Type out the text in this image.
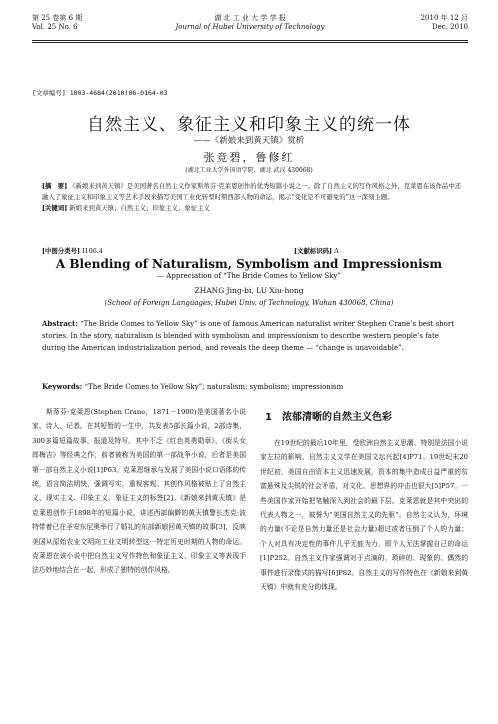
第 25 卷第 6 期
Vol. 25 No. 6
湖 北 工 业 大 学 学 报
Journal of Hubei University of Technology
2010 年 12 月
Dec. 2010
[文章编号] 1003-4684(2010)06-0164-03
自然主义、象征主义和印象主义的统一体
——《新娘来到黄天镇》赏析
张竞碧，鲁修红
(湖北工业大学外国语学院，湖北 武汉 430068)
[摘　要] 《新娘来到黄天镇》是美国著名自然主义作家斯蒂芬·克莱恩创作的优秀短篇小说之一。除了自然主义的写作风格之外，克莱恩在该作品中还融入了象征主义和印象主义等艺术手段来描写美国工业化转型时期西部人物的命运，揭示“变化是不可避免的”这一深刻主题。
[关键词] 新娘来到黄天镇；自然主义；印象主义；象征主义
[中图分类号] I106.4	[文献标识码] A
A Blending of Naturalism, Symbolism and Impressionism
— Appreciation of “The Bride Comes to Yellow Sky”
ZHANG Jing-bi, LU Xiu-hong
(School of Foreign Languages, Hubei Univ. of Technology, Wuhan 430068, China)
Abstract: “The Bride Comes to Yellow Sky” is one of famous American naturalist writer Stephen Crane’s best short stories. In the story, naturalism is blended with symbolism and impressionism to describe western people’s fate during the American industrialization period, and reveals the deep theme — “change is unavoidable”.
Keywords: “The Bride Comes to Yellow Sky”; naturalism; symbolism; impressionism
斯蒂芬·克莱恩(Stephen Crane，1871－1900)是美国著名小说家、诗人、记者。在其短暂的一生中，共发表5部长篇小说，2部诗集，300多篇短篇故事、报道及特写。其中不乏《红色英勇勋章》、《街头女郎梅吉》等经典之作，前者被称为美国的第一部战争小说，后者是美国第一部自然主义小说[1]P63。克莱恩继承与发展了美国小说口语体的传统，语言简洁明快，强调写实，重视客观。其创作风格被贴上了自然主义、现实主义、印象主义、象征主义的标签[2]。《新娘来到黄天镇》是克莱恩创作于1898年的短篇小说，讲述西部偏僻的黄天镇警长杰克·波特带着已在圣安东尼奥举行了婚礼的东部新娘回黄天镇的故事[3]，反映美国从原始农业文明向工业文明转型这一特定历史时期的人物的命运。克莱恩在该小说中把自然主义写作特色和象征主义、印象主义等表现手法巧妙地结合在一起，形成了独特的创作风格。
1　浓郁清晰的自然主义色彩
在19世纪的最后10年里，受欧洲自然主义思潮、特别是法国小说家左拉的影响，自然主义文学在美国文坛兴起[4]P71。19世纪末20世纪初，美国自由资本主义迅速发展，资本的集中造成日益严重的贫富悬殊及尖锐的社会矛盾，对文化、思想界的冲击也很大[5]P57。一些美国作家开始把笔触深入到社会的最下层。克莱恩就是其中突出的代表人物之一，被誉为“美国自然主义的先驱”。自然主义认为，环境的力量(不论是自然力量还是社会力量)超过或者压倒了个人的力量；个人对具有决定性的事件几乎无能为力，即个人无法掌握自己的命运[1]P252。自然主义作家强调对于点滴的、琐碎的、现象的、偶然的事件进行录像式的描写[6]P82。自然主义的写作特色在《新娘来到黄天镇》中就有充分的体现。
